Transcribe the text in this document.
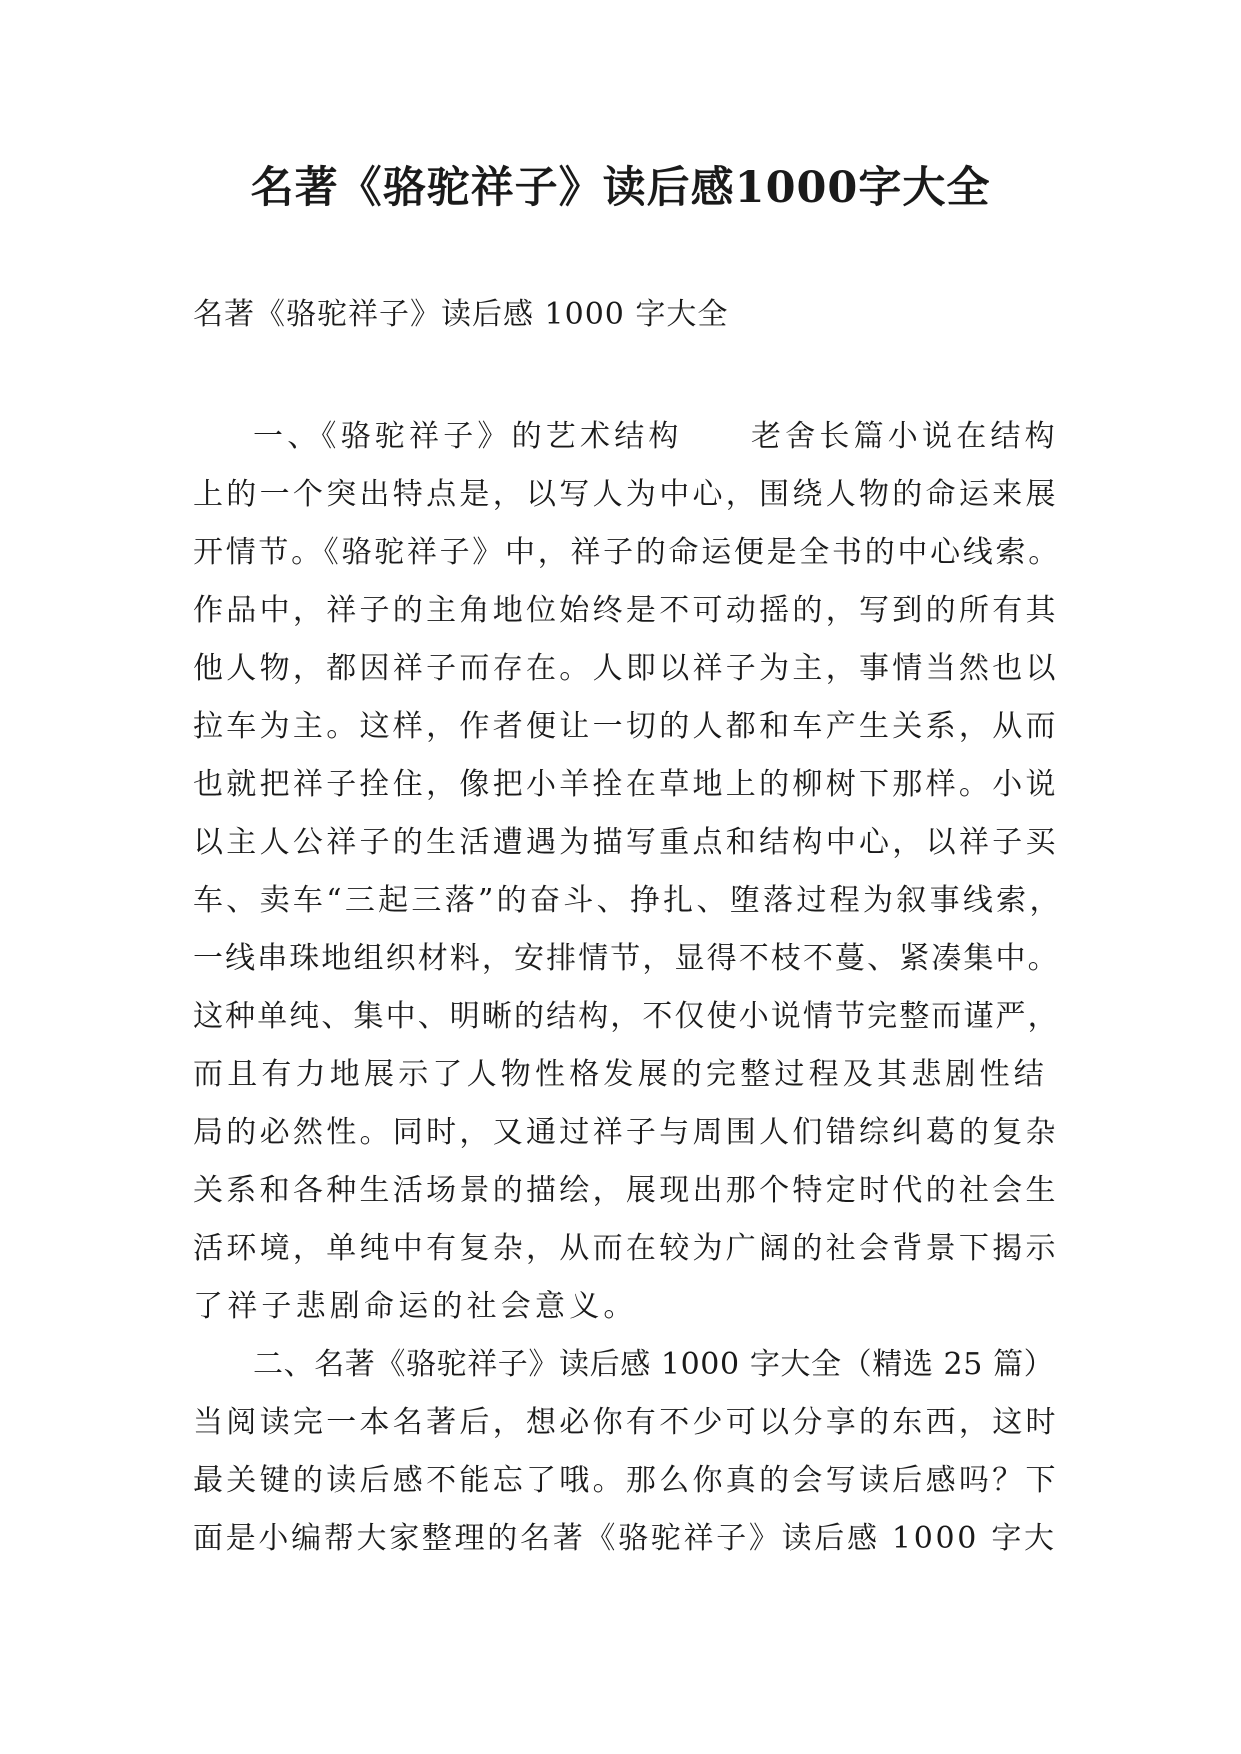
名著《骆驼祥子》读后感1000字大全

名著《骆驼祥子》读后感 1000 字大全

一、《骆驼祥子》的艺术结构　　老舍长篇小说在结构
上的一个突出特点是，以写人为中心，围绕人物的命运来展
开情节。《骆驼祥子》中，祥子的命运便是全书的中心线索。
作品中，祥子的主角地位始终是不可动摇的，写到的所有其
他人物，都因祥子而存在。人即以祥子为主，事情当然也以
拉车为主。这样，作者便让一切的人都和车产生关系，从而
也就把祥子拴住，像把小羊拴在草地上的柳树下那样。小说
以主人公祥子的生活遭遇为描写重点和结构中心，以祥子买
车、卖车“三起三落”的奋斗、挣扎、堕落过程为叙事线索，
一线串珠地组织材料，安排情节，显得不枝不蔓、紧凑集中。
这种单纯、集中、明晰的结构，不仅使小说情节完整而谨严，
而且有力地展示了人物性格发展的完整过程及其悲剧性结
局的必然性。同时，又通过祥子与周围人们错综纠葛的复杂
关系和各种生活场景的描绘，展现出那个特定时代的社会生
活环境，单纯中有复杂，从而在较为广阔的社会背景下揭示
了祥子悲剧命运的社会意义。
二、名著《骆驼祥子》读后感 1000 字大全（精选 25 篇）
当阅读完一本名著后，想必你有不少可以分享的东西，这时
最关键的读后感不能忘了哦。那么你真的会写读后感吗？下
面是小编帮大家整理的名著《骆驼祥子》读后感 1000 字大
